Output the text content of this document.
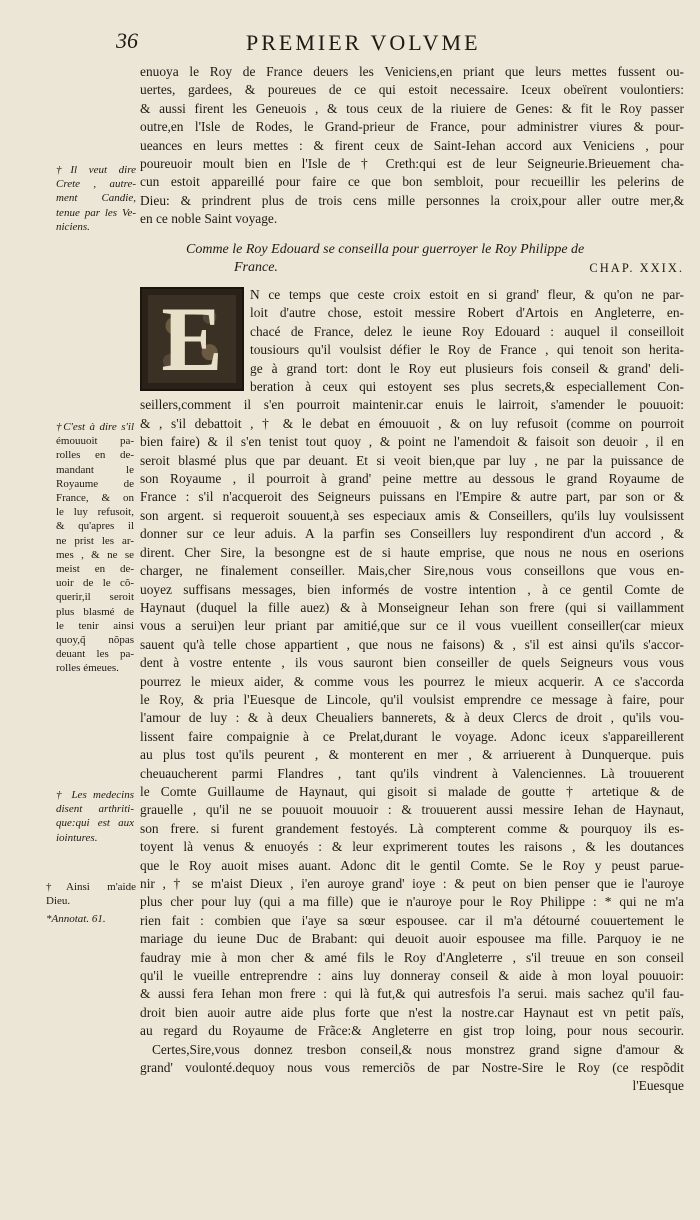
36	PREMIER VOLVME
enuoya le Roy de France deuers les Veniciens,en priant que leurs mettes fussent ou-
uertes, gardees, & poureues de ce qui estoit necessaire. Iceux obeïrent voulontiers:
& aussi firent les Geneuois , & tous ceux de la riuiere de Genes: & fit le Roy passer
outre,en l'Isle de Rodes, le Grand-prieur de France, pour administrer viures & pour-
ueances en leurs mettes : & firent ceux de Saint-Iehan accord aux Veniciens , pour
poureuoir moult bien en l'Isle de † Creth:qui est de leur Seigneurie.Brieuement cha-
cun estoit appareillé pour faire ce que bon sembloit, pour recueillir les pelerins de
Dieu: & prindrent plus de trois cens mille personnes la croix,pour aller outre mer,&
en ce noble Saint voyage.
Comme le Roy Edouard se conseilla pour guerroyer le Roy Philippe de
France.	CHAP. XXIX.
E	N ce temps que ceste croix estoit en si grand' fleur, & qu'on ne par-
loit d'autre chose, estoit messire Robert d'Artois en Angleterre, en-
chacé de France, delez le ieune Roy Edouard : auquel il conseilloit
tousiours qu'il voulsist défier le Roy de France , qui tenoit son herita-
ge à grand tort: dont le Roy eut plusieurs fois conseil & grand' deli-
beration à ceux qui estoyent ses plus secrets,& especiallement Con-
seillers,comment il s'en pourroit maintenir.car enuis le lairroit, s'amender le pouuoit:
& , s'il debattoit , † & le debat en émouuoit , & on luy refusoit (comme on pourroit
bien faire) & il s'en tenist tout quoy , & point ne l'amendoit & faisoit son deuoir , il en
seroit blasmé plus que par deuant. Et si veoit bien,que par luy , ne par la puissance de
son Royaume , il pourroit à grand' peine mettre au dessous le grand Royaume de
France : s'il n'acqueroit des Seigneurs puissans en l'Empire & autre part, par son or &
son argent. si requeroit souuent,à ses especiaux amis & Conseillers, qu'ils luy voulsissent
donner sur ce leur aduis. A la parfin ses Conseillers luy respondirent d'un accord , &
dirent. Cher Sire, la besongne est de si haute emprise, que nous ne nous en oserions
charger, ne finalement conseiller. Mais,cher Sire,nous vous conseillons que vous en-
uoyez suffisans messages, bien informés de vostre intention , à ce gentil Comte de
Haynaut (duquel la fille auez) & à Monseigneur Iehan son frere (qui si vaillamment
vous a serui)en leur priant par amitié,que sur ce il vous vueillent conseiller(car mieux
sauent qu'à telle chose appartient , que nous ne faisons) & , s'il est ainsi qu'ils s'accor-
dent à vostre entente , ils vous sauront bien conseiller de quels Seigneurs vous vous
pourrez le mieux aider, & comme vous les pourrez le mieux acquerir. A ce s'accorda
le Roy, & pria l'Euesque de Lincole, qu'il voulsist emprendre ce message à faire, pour
l'amour de luy : & à deux Cheualiers bannerets, & à deux Clercs de droit , qu'ils vou-
lissent faire compaignie à ce Prelat,durant le voyage. Adonc iceux s'appareillerent
au plus tost qu'ils peurent , & monterent en mer , & arriuerent à Dunquerque. puis
cheuaucherent parmi Flandres , tant qu'ils vindrent à Valenciennes. Là trouuerent
le Comte Guillaume de Haynaut, qui gisoit si malade de goutte † artetique & de
grauelle , qu'il ne se pouuoit mouuoir : & trouuerent aussi messire Iehan de Haynaut,
son frere. si furent grandement festoyés. Là compterent comme & pourquoy ils es-
toyent là venus & enuoyés : & leur exprimerent toutes les raisons , & les doutances
que le Roy auoit mises auant. Adonc dit le gentil Comte. Se le Roy y peust parue-
nir , † se m'aist Dieux , i'en auroye grand' ioye : & peut on bien penser que ie l'auroye
plus cher pour luy (qui a ma fille) que ie n'auroye pour le Roy Philippe : * qui ne m'a
rien fait : combien que i'aye sa sœur espousee. car il m'a détourné couuertement le
mariage du ieune Duc de Brabant: qui deuoit auoir espousee ma fille. Parquoy ie ne
faudray mie à mon cher & amé fils le Roy d'Angleterre , s'il treuue en son conseil
qu'il le vueille entreprendre : ains luy donneray conseil & aide à mon loyal pouuoir:
& aussi fera Iehan mon frere : qui là fut,& qui autresfois l'a serui. mais sachez qu'il fau-
droit bien auoir autre aide plus forte que n'est la nostre.car Haynaut est vn petit païs,
au regard du Royaume de Frãce:& Angleterre en gist trop loing, pour nous secourir.
Certes,Sire,vous donnez tresbon conseil,& nous monstrez grand signe d'amour &
grand' voulonté.dequoy nous vous remerciõs de par Nostre-Sire le Roy (ce respõdit
l'Euesque
†Il veut dire
Crete , autre-
ment Candie,
tenue par les Ve-
niciens.
†C'est à dire s'il
émouuoit pa-
rolles en de-
mandant le
Royaume de
France, & on
le luy refusoit,
& qu'apres il
ne prist les ar-
mes , & ne se
meist en de-
uoir de le cõ-
querir,il seroit
plus blasmé de
le tenir ainsi
quoy,q̃ nõpas
deuant les pa-
rolles émeues.
† Les medecins
disent arthriti-
que:qui est aux
iointures.
†Ainsi m'aide
Dieu.
*Annotat. 61.
